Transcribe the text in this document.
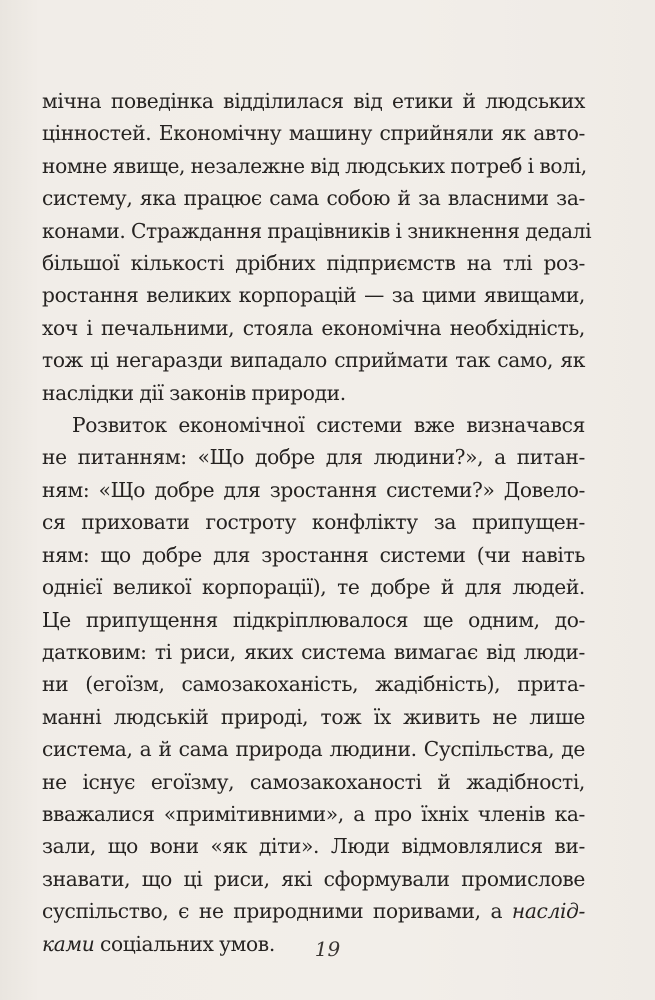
мічна поведінка відділилася від етики й людських
цінностей. Економічну машину сприйняли як авто-
номне явище, незалежне від людських потреб і волі,
систему, яка працює сама собою й за власними за-
конами. Страждання працівників і зникнення дедалі
більшої кількості дрібних підприємств на тлі роз-
ростання великих корпорацій — за цими явищами,
хоч і печальними, стояла економічна необхідність,
тож ці негаразди випадало сприймати так само, як
наслідки дії законів природи.
Розвиток економічної системи вже визначався
не питанням: «Що добре для людини?», а питан-
ням: «Що добре для зростання системи?» Довело-
ся приховати гостроту конфлікту за припущен-
ням: що добре для зростання системи (чи навіть
однієї великої корпорації), те добре й для людей.
Це припущення підкріплювалося ще одним, до-
датковим: ті риси, яких система вимагає від люди-
ни (егоїзм, самозакоханість, жадібність), прита-
манні людській природі, тож їх живить не лише
система, а й сама природа людини. Суспільства, де
не існує егоїзму, самозакоханості й жадібності,
вважалися «примітивними», а про їхніх членів ка-
зали, що вони «як діти». Люди відмовлялися ви-
знавати, що ці риси, які сформували промислове
суспільство, є не природними поривами, а наслід-
ками соціальних умов.	19
